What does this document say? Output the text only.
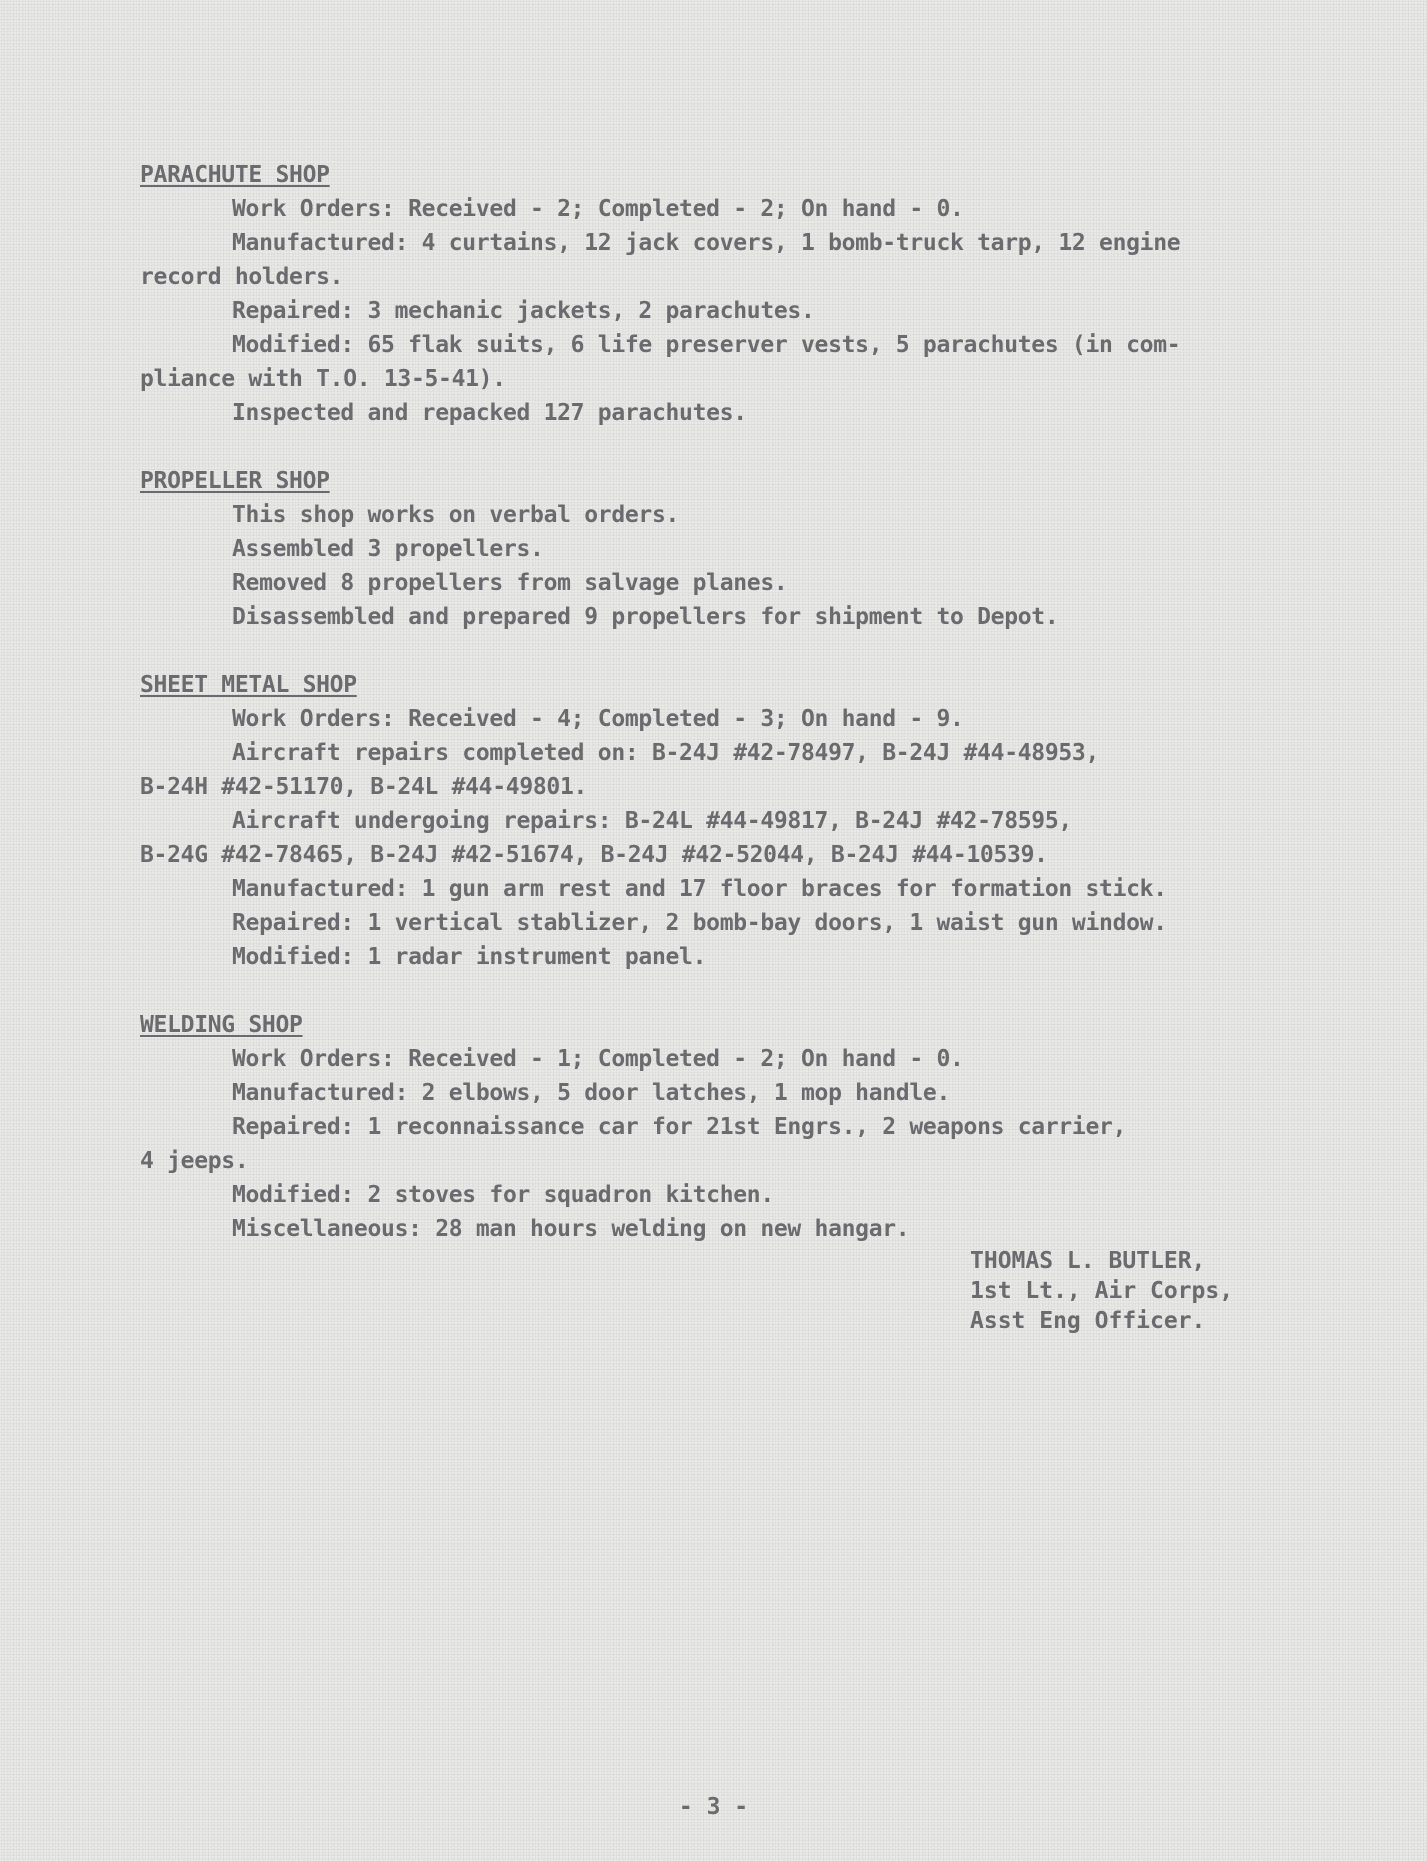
PARACHUTE SHOP
Work Orders: Received - 2; Completed - 2; On hand - 0.
Manufactured: 4 curtains, 12 jack covers, 1 bomb-truck tarp, 12 engine
record holders.
Repaired: 3 mechanic jackets, 2 parachutes.
Modified: 65 flak suits, 6 life preserver vests, 5 parachutes (in com-
pliance with T.O. 13-5-41).
Inspected and repacked 127 parachutes.
PROPELLER SHOP
This shop works on verbal orders.
Assembled 3 propellers.
Removed 8 propellers from salvage planes.
Disassembled and prepared 9 propellers for shipment to Depot.
SHEET METAL SHOP
Work Orders: Received - 4; Completed - 3; On hand - 9.
Aircraft repairs completed on: B-24J #42-78497, B-24J #44-48953,
B-24H #42-51170, B-24L #44-49801.
Aircraft undergoing repairs: B-24L #44-49817, B-24J #42-78595,
B-24G #42-78465, B-24J #42-51674, B-24J #42-52044, B-24J #44-10539.
Manufactured: 1 gun arm rest and 17 floor braces for formation stick.
Repaired: 1 vertical stablizer, 2 bomb-bay doors, 1 waist gun window.
Modified: 1 radar instrument panel.
WELDING SHOP
Work Orders: Received - 1; Completed - 2; On hand - 0.
Manufactured: 2 elbows, 5 door latches, 1 mop handle.
Repaired: 1 reconnaissance car for 21st Engrs., 2 weapons carrier,
4 jeeps.
Modified: 2 stoves for squadron kitchen.
Miscellaneous: 28 man hours welding on new hangar.
THOMAS L. BUTLER,
1st Lt., Air Corps,
Asst Eng Officer.
- 3 -
